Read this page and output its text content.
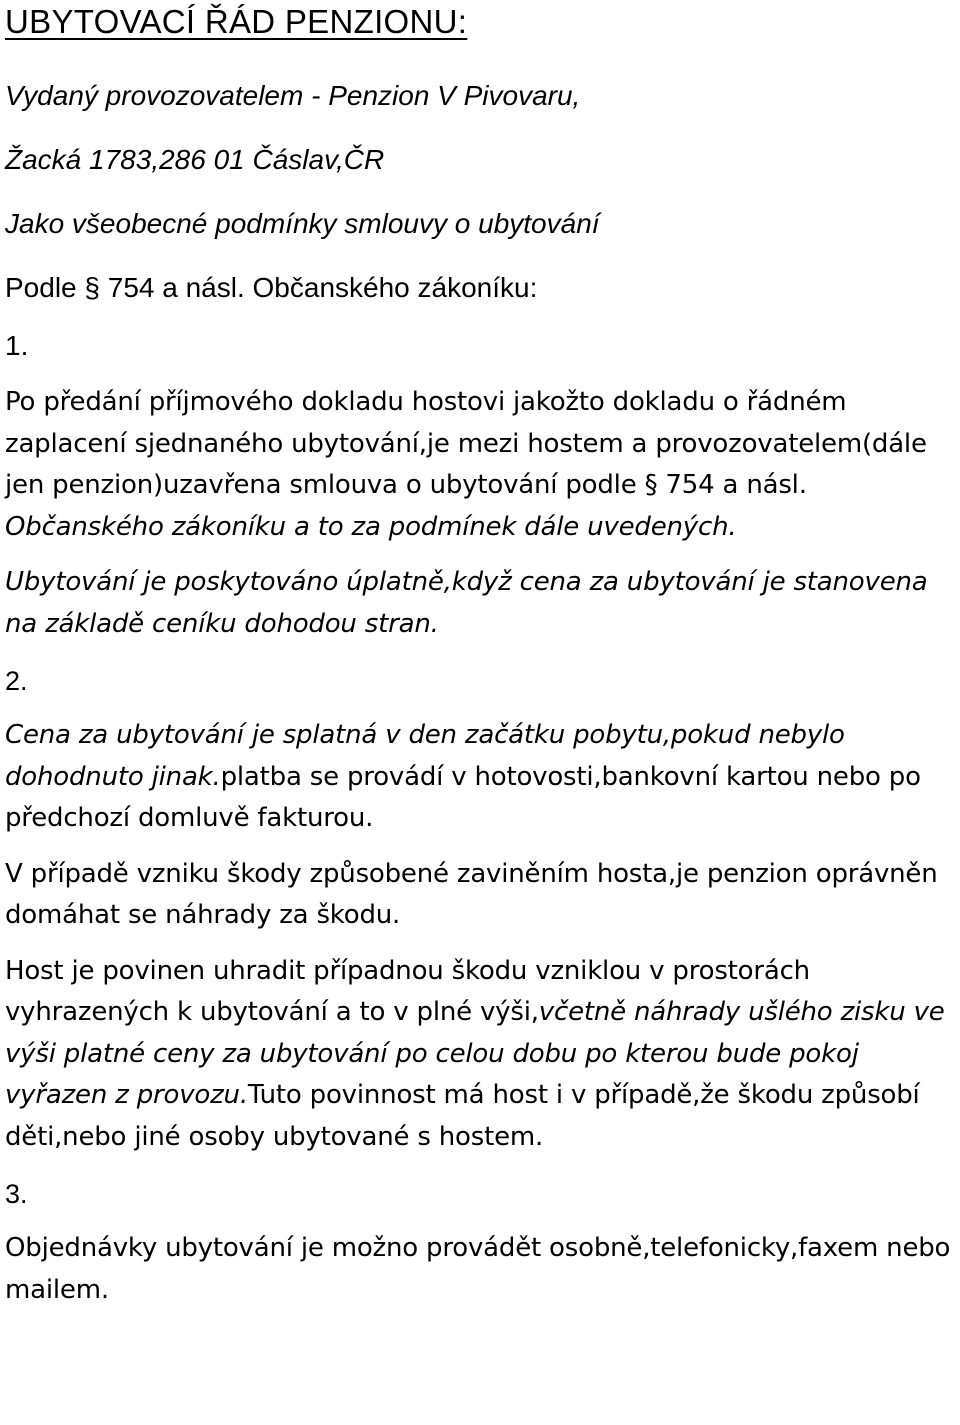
UBYTOVACÍ ŘÁD PENZIONU:

Vydaný provozovatelem - Penzion V Pivovaru,

Žacká 1783,286 01 Čáslav,ČR

Jako všeobecné podmínky smlouvy o ubytování

Podle § 754 a násl. Občanského zákoníku:

1.

Po předání příjmového dokladu hostovi jakožto dokladu o řádném zaplacení sjednaného ubytování,je mezi hostem a provozovatelem(dále jen penzion)uzavřena smlouva o ubytování podle § 754 a násl. Občanského zákoníku a to za podmínek dále uvedených.

Ubytování je poskytováno úplatně,když cena za ubytování je stanovena na základě ceníku dohodou stran.

2.

Cena za ubytování je splatná v den začátku pobytu,pokud nebylo dohodnuto jinak.platba se provádí v hotovosti,bankovní kartou nebo po předchozí domluvě fakturou.

V případě vzniku škody způsobené zaviněním hosta,je penzion oprávněn domáhat se náhrady za škodu.

Host je povinen uhradit případnou škodu vzniklou v prostorách vyhrazených k ubytování a to v plné výši,včetně náhrady ušlého zisku ve výši platné ceny za ubytování po celou dobu po kterou bude pokoj vyřazen z provozu.Tuto povinnost má host i v případě,že škodu způsobí děti,nebo jiné osoby ubytované s hostem.

3.

Objednávky ubytování je možno provádět osobně,telefonicky,faxem nebo mailem.
